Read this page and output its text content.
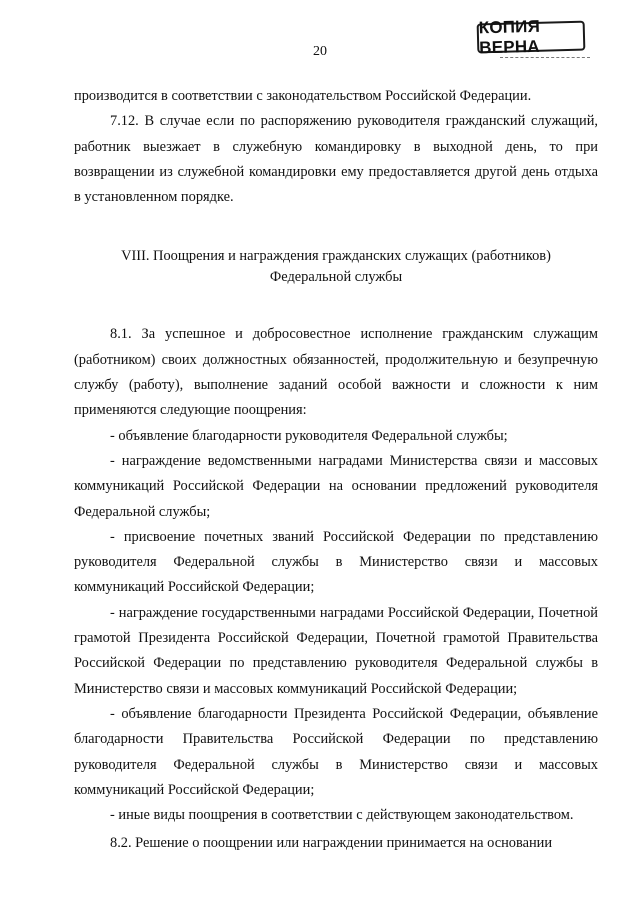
20
КОПИЯ ВЕРНА

производится в соответствии с законодательством Российской Федерации.

7.12. В случае если по распоряжению руководителя гражданский служащий, работник выезжает в служебную командировку в выходной день, то при возвращении из служебной командировки ему предоставляется другой день отдыха в установленном порядке.

VIII. Поощрения и награждения гражданских служащих (работников)
Федеральной службы

8.1. За успешное и добросовестное исполнение гражданским служащим (работником) своих должностных обязанностей, продолжительную и безупречную службу (работу), выполнение заданий особой важности и сложности к ним применяются следующие поощрения:

- объявление благодарности руководителя Федеральной службы;

- награждение ведомственными наградами Министерства связи и массовых коммуникаций Российской Федерации на основании предложений руководителя Федеральной службы;

- присвоение почетных званий Российской Федерации по представлению руководителя Федеральной службы в Министерство связи и массовых коммуникаций Российской Федерации;

- награждение государственными наградами Российской Федерации, Почетной грамотой Президента Российской Федерации, Почетной грамотой Правительства Российской Федерации по представлению руководителя Федеральной службы в Министерство связи и массовых коммуникаций Российской Федерации;

- объявление благодарности Президента Российской Федерации, объявление благодарности Правительства Российской Федерации по представлению руководителя Федеральной службы в Министерство связи и массовых коммуникаций Российской Федерации;

- иные виды поощрения в соответствии с действующем законодательством.

8.2. Решение о поощрении или награждении принимается на основании
